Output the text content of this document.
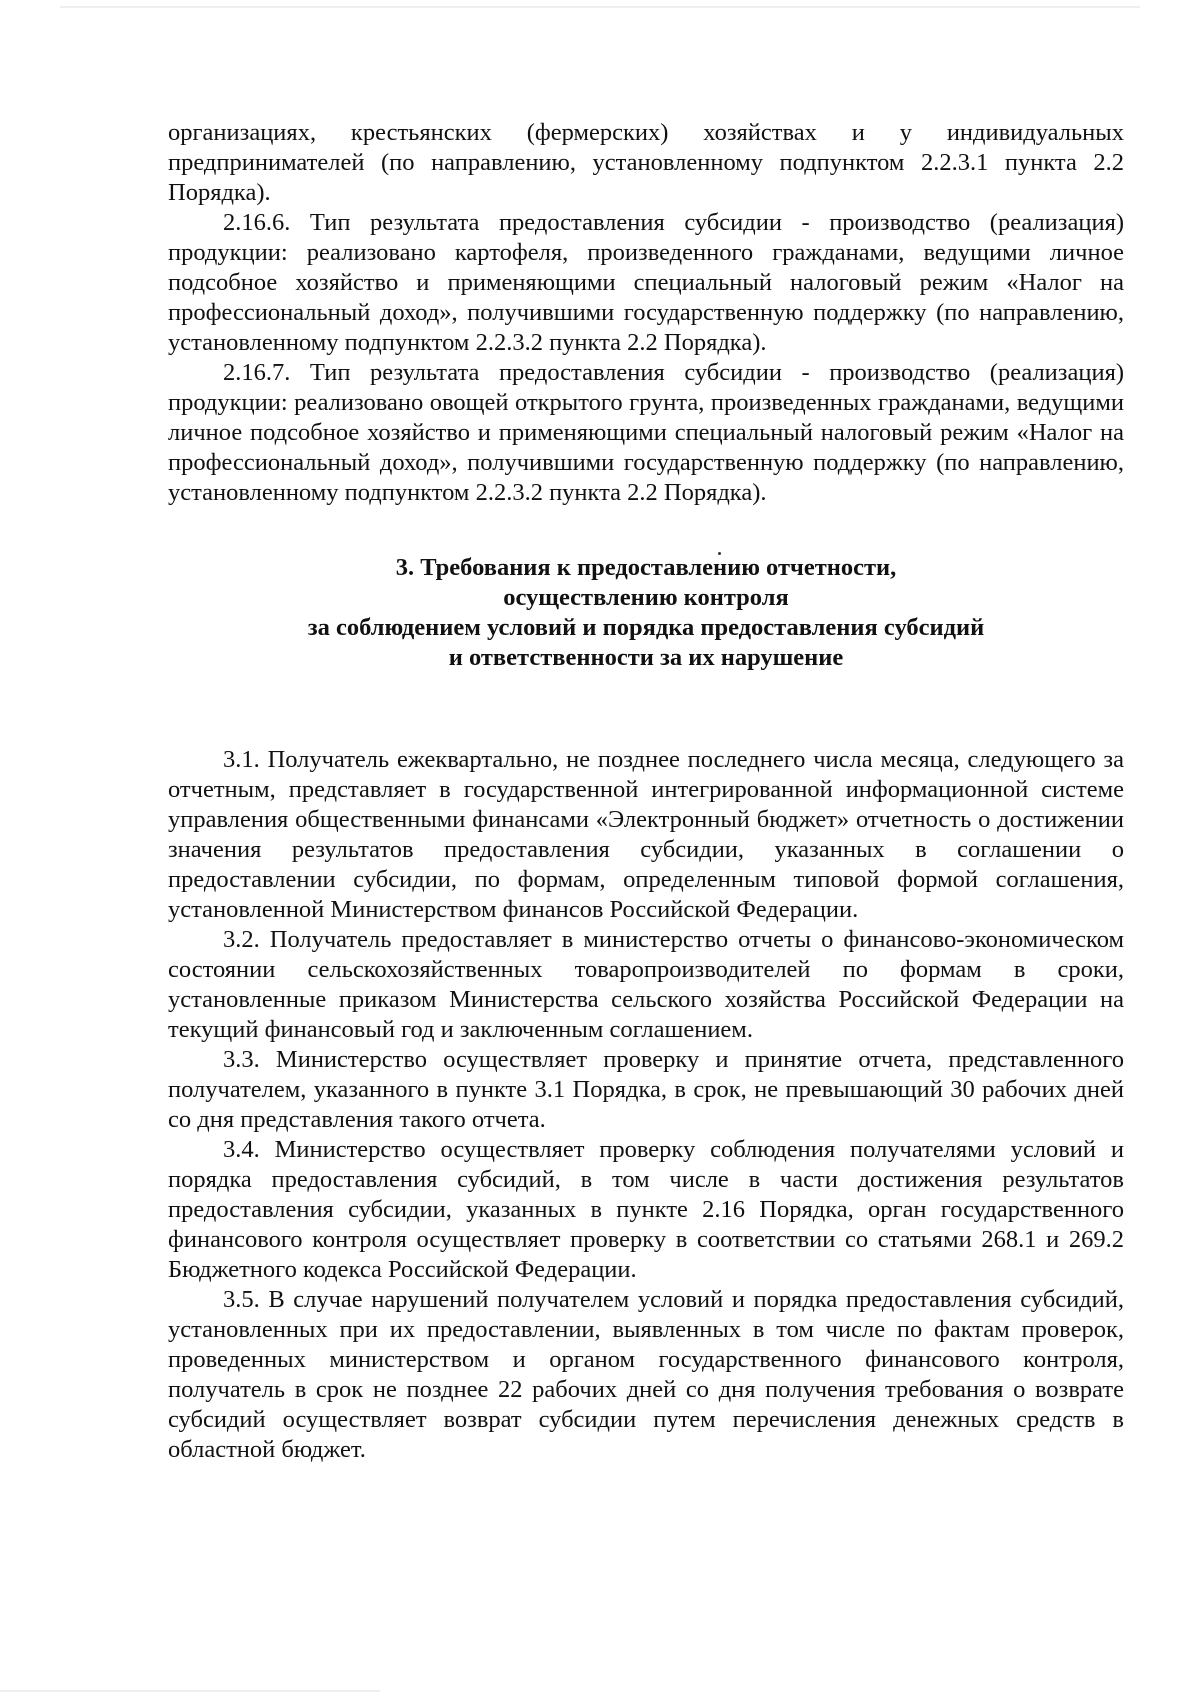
организациях, крестьянских (фермерских) хозяйствах и у индивидуальных предпринимателей (по направлению, установленному подпунктом 2.2.3.1 пункта 2.2 Порядка).

2.16.6. Тип результата предоставления субсидии - производство (реализация) продукции: реализовано картофеля, произведенного гражданами, ведущими личное подсобное хозяйство и применяющими специальный налоговый режим «Налог на профессиональный доход», получившими государственную поддержку (по направлению, установленному подпунктом 2.2.3.2 пункта 2.2 Порядка).

2.16.7. Тип результата предоставления субсидии - производство (реализация) продукции: реализовано овощей открытого грунта, произведенных гражданами, ведущими личное подсобное хозяйство и применяющими специальный налоговый режим «Налог на профессиональный доход», получившими государственную поддержку (по направлению, установленному подпунктом 2.2.3.2 пункта 2.2 Порядка).

3. Требования к предоставлению отчетности,
осуществлению контроля
за соблюдением условий и порядка предоставления субсидий
и ответственности за их нарушение

3.1. Получатель ежеквартально, не позднее последнего числа месяца, следующего за отчетным, представляет в государственной интегрированной информационной системе управления общественными финансами «Электронный бюджет» отчетность о достижении значения результатов предоставления субсидии, указанных в соглашении о предоставлении субсидии, по формам, определенным типовой формой соглашения, установленной Министерством финансов Российской Федерации.

3.2. Получатель предоставляет в министерство отчеты о финансово-экономическом состоянии сельскохозяйственных товаропроизводителей по формам в сроки, установленные приказом Министерства сельского хозяйства Российской Федерации на текущий финансовый год и заключенным соглашением.

3.3. Министерство осуществляет проверку и принятие отчета, представленного получателем, указанного в пункте 3.1 Порядка, в срок, не превышающий 30 рабочих дней со дня представления такого отчета.

3.4. Министерство осуществляет проверку соблюдения получателями условий и порядка предоставления субсидий, в том числе в части достижения результатов предоставления субсидии, указанных в пункте 2.16 Порядка, орган государственного финансового контроля осуществляет проверку в соответствии со статьями 268.1 и 269.2 Бюджетного кодекса Российской Федерации.

3.5. В случае нарушений получателем условий и порядка предоставления субсидий, установленных при их предоставлении, выявленных в том числе по фактам проверок, проведенных министерством и органом государственного финансового контроля, получатель в срок не позднее 22 рабочих дней со дня получения требования о возврате субсидий осуществляет возврат субсидии путем перечисления денежных средств в областной бюджет.
